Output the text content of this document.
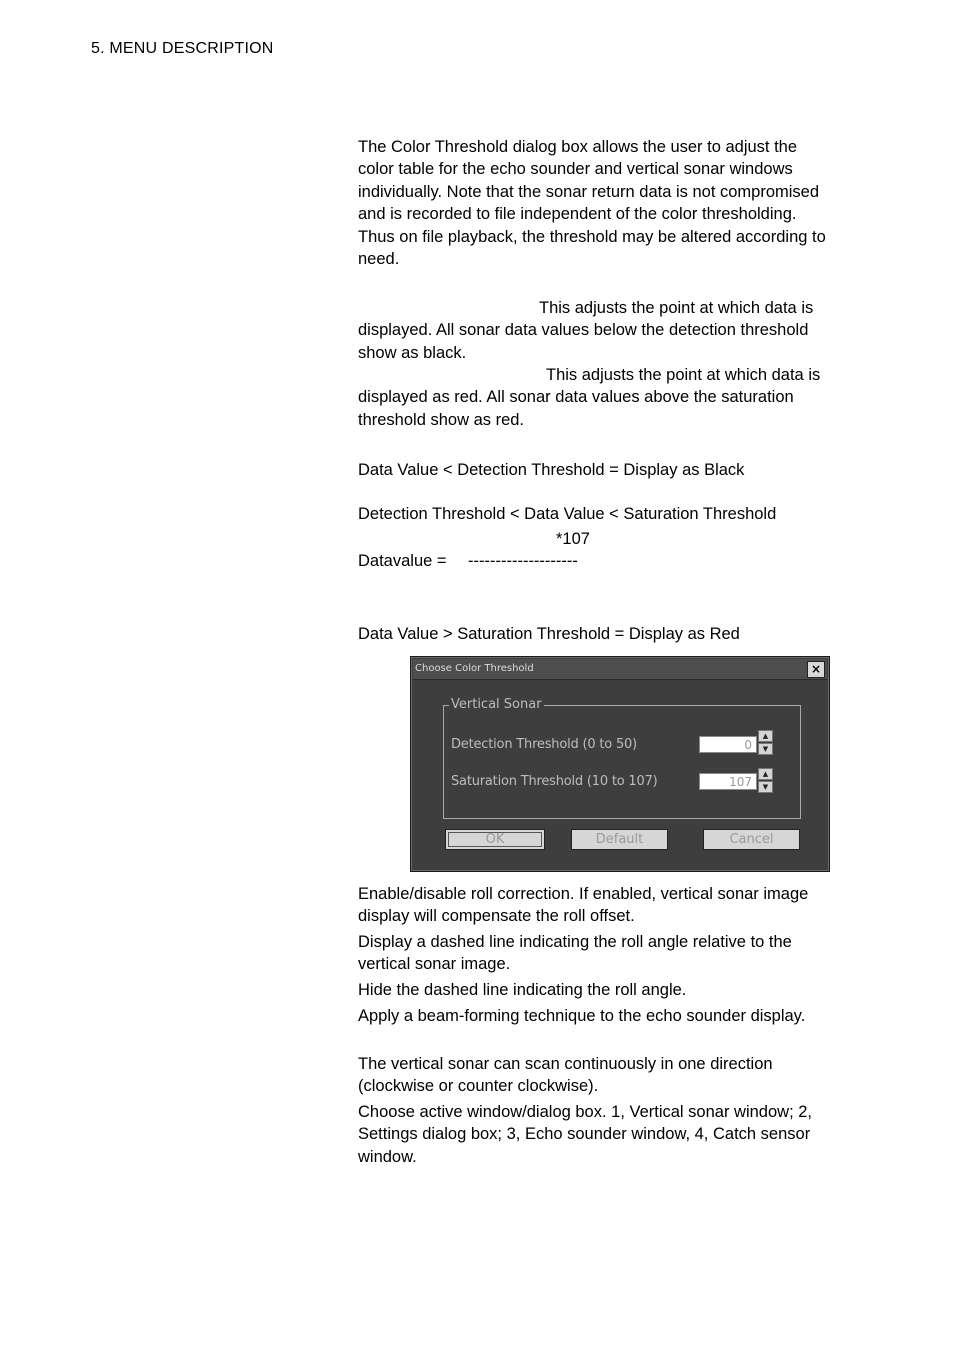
5. MENU DESCRIPTION

The Color Threshold dialog box allows the user to adjust the color table for the echo sounder and vertical sonar windows individually. Note that the sonar return data is not compromised and is recorded to file independent of the color thresholding. Thus on file playback, the threshold may be altered according to need.

This adjusts the point at which data is displayed. All sonar data values below the detection threshold show as black.

This adjusts the point at which data is displayed as red. All sonar data values above the saturation threshold show as red.

Data Value < Detection Threshold = Display as Black
Detection Threshold < Data Value < Saturation Threshold
*107
Datavalue =	--------------------
Data Value > Saturation Threshold = Display as Red
Choose Color Threshold	×
Vertical Sonar
Detection Threshold (0 to 50)	0
▲
▼
Saturation Threshold (10 to 107)	107
▲
▼
OK	Default	Cancel
Enable/disable roll correction. If enabled, vertical sonar image display will compensate the roll offset.
Display a dashed line indicating the roll angle relative to the vertical sonar image.
Hide the dashed line indicating the roll angle.
Apply a beam-forming technique to the echo sounder display.
The vertical sonar can scan continuously in one direction (clockwise or counter clockwise).
Choose active window/dialog box. 1, Vertical sonar window; 2, Settings dialog box; 3, Echo sounder window, 4, Catch sensor window.
